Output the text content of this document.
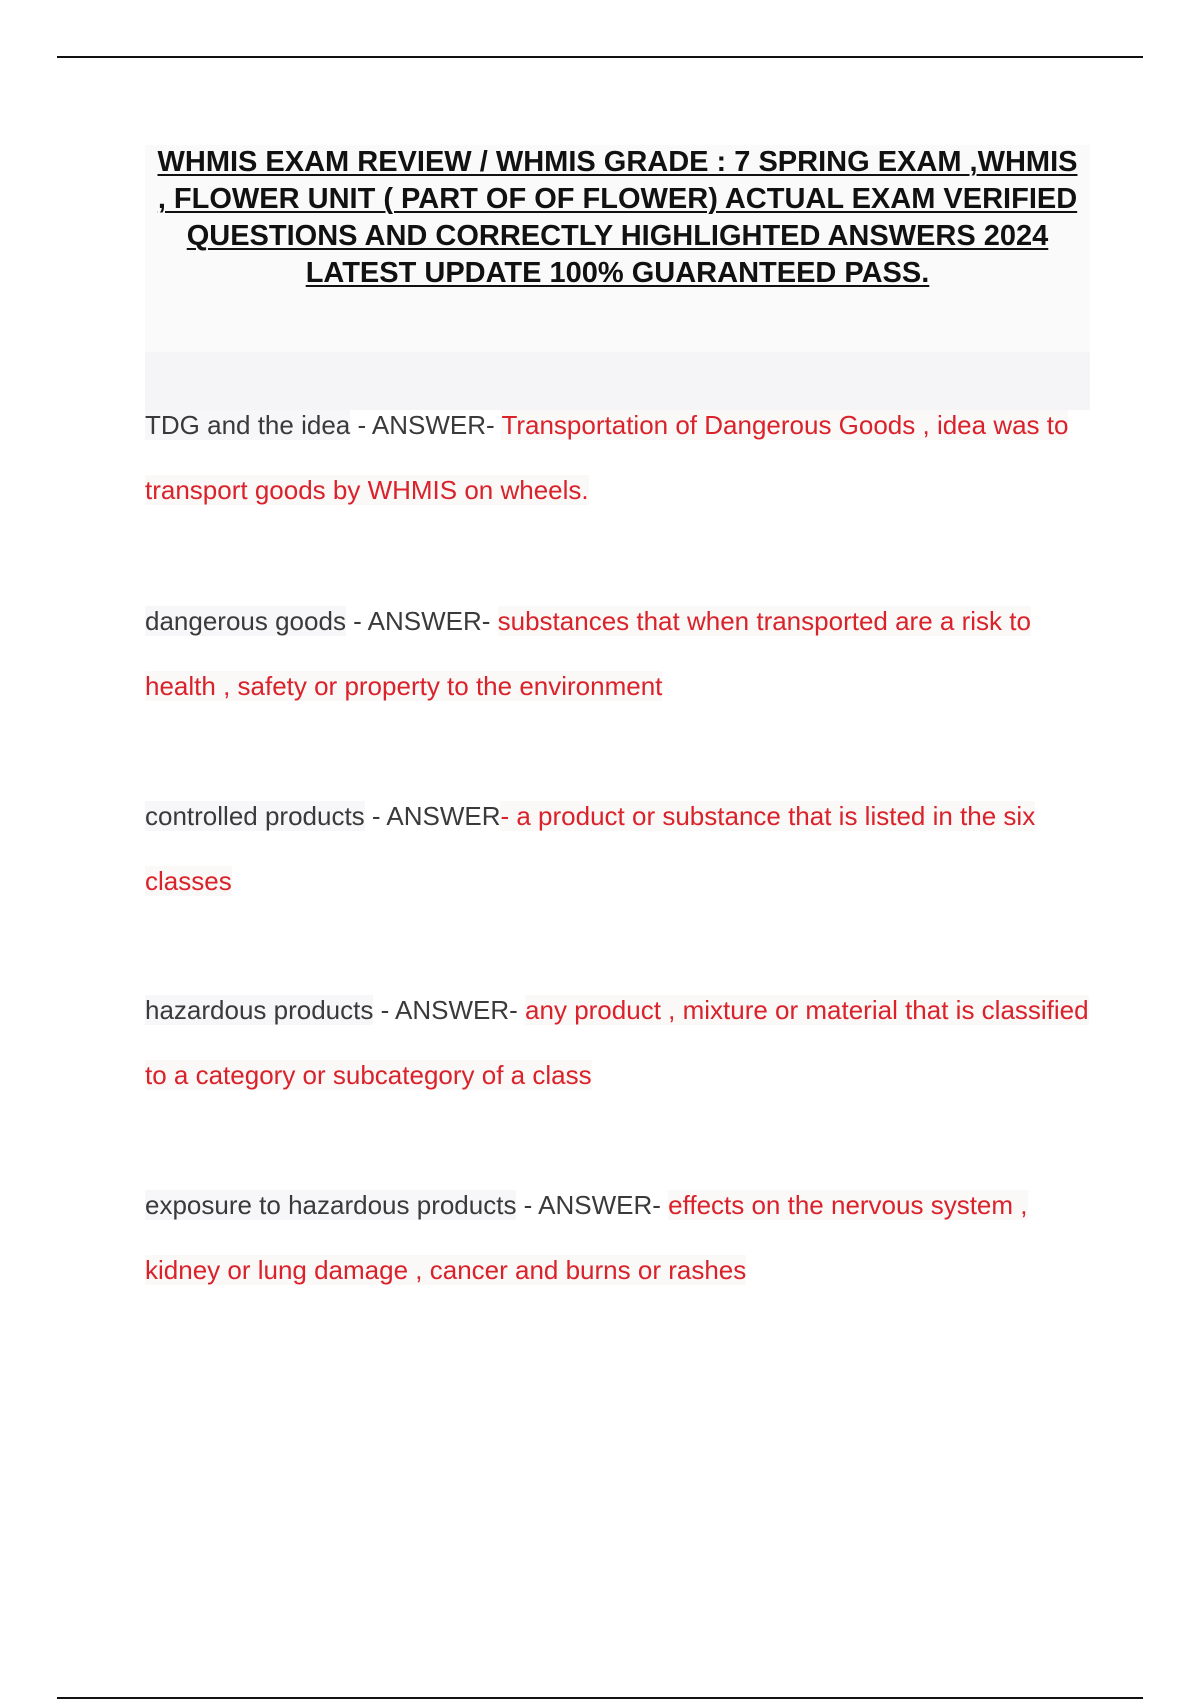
WHMIS EXAM REVIEW / WHMIS GRADE : 7 SPRING EXAM ,WHMIS , FLOWER UNIT ( PART OF OF FLOWER) ACTUAL EXAM VERIFIED QUESTIONS AND CORRECTLY HIGHLIGHTED ANSWERS 2024 LATEST UPDATE 100% GUARANTEED PASS.

TDG and the idea - ANSWER- Transportation of Dangerous Goods , idea was to transport goods by WHMIS on wheels.

dangerous goods - ANSWER- substances that when transported are a risk to health , safety or property to the environment

controlled products - ANSWER- a product or substance that is listed in the six classes

hazardous products - ANSWER- any product , mixture or material that is classified to a category or subcategory of a class

exposure to hazardous products - ANSWER- effects on the nervous system , kidney or lung damage , cancer and burns or rashes
